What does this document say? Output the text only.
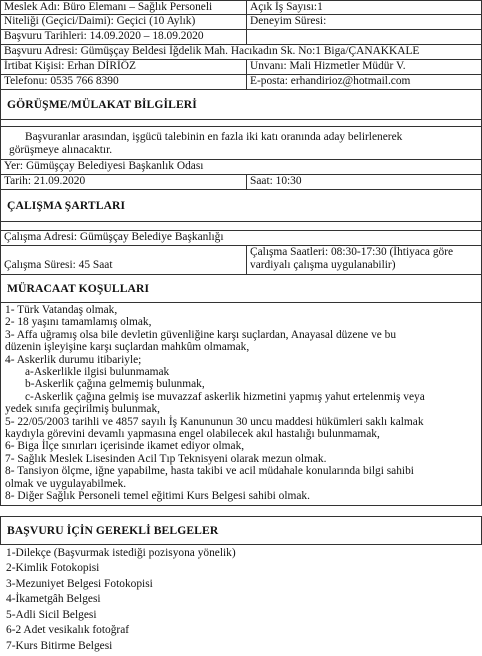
Meslek Adı: Büro Elemanı – Sağlık Personeli	Açık İş Sayısı:1
Niteliği (Geçici/Daimi): Geçici (10 Aylık)	Deneyim Süresi:
Başvuru Tarihleri: 14.09.2020 – 18.09.2020
Başvuru Adresi: Gümüşçay Beldesi İğdelik Mah. Hacıkadın Sk. No:1 Biga/ÇANAKKALE
İrtibat Kişisi: Erhan DİRİÖZ	Unvanı: Mali Hizmetler Müdür V.
Telefonu: 0535 766 8390	E-posta: erhandirioz@hotmail.com
GÖRÜŞME/MÜLAKAT BİLGİLERİ
Başvuranlar arasından, işgücü talebinin en fazla iki katı oranında aday belirlenerek
görüşmeye alınacaktır.
Yer: Gümüşçay Belediyesi Başkanlık Odası
Tarih: 21.09.2020	Saat: 10:30
ÇALIŞMA ŞARTLARI
Çalışma Adresi: Gümüşçay Belediye Başkanlığı
Çalışma Süresi: 45 Saat
Çalışma Saatleri: 08:30-17:30 (İhtiyaca göre
vardiyalı çalışma uygulanabilir)
MÜRACAAT KOŞULLARI
1- Türk Vatandaş olmak,
2- 18 yaşını tamamlamış olmak,
3- Affa uğramış olsa bile devletin güvenliğine karşı suçlardan, Anayasal düzene ve bu
düzenin işleyişine karşı suçlardan mahkûm olmamak,
4- Askerlik durumu itibariyle;
a-Askerlikle ilgisi bulunmamak
b-Askerlik çağına gelmemiş bulunmak,
c-Askerlik çağına gelmiş ise muvazzaf askerlik hizmetini yapmış yahut ertelenmiş veya
yedek sınıfa geçirilmiş bulunmak,
5- 22/05/2003 tarihli ve 4857 sayılı İş Kanununun 30 uncu maddesi hükümleri saklı kalmak
kaydıyla görevini devamlı yapmasına engel olabilecek akıl hastalığı bulunmamak,
6- Biga İlçe sınırları içerisinde ikamet ediyor olmak,
7- Sağlık Meslek Lisesinden Acil Tıp Teknisyeni olarak mezun olmak.
8- Tansiyon ölçme, iğne yapabilme, hasta takibi ve acil müdahale konularında bilgi sahibi
olmak ve uygulayabilmek.
8- Diğer Sağlık Personeli temel eğitimi Kurs Belgesi sahibi olmak.
BAŞVURU İÇİN GEREKLİ BELGELER
1-Dilekçe (Başvurmak istediği pozisyona yönelik)
2-Kimlik Fotokopisi
3-Mezuniyet Belgesi Fotokopisi
4-İkametgâh Belgesi
5-Adli Sicil Belgesi
6-2 Adet vesikalık fotoğraf
7-Kurs Bitirme Belgesi
